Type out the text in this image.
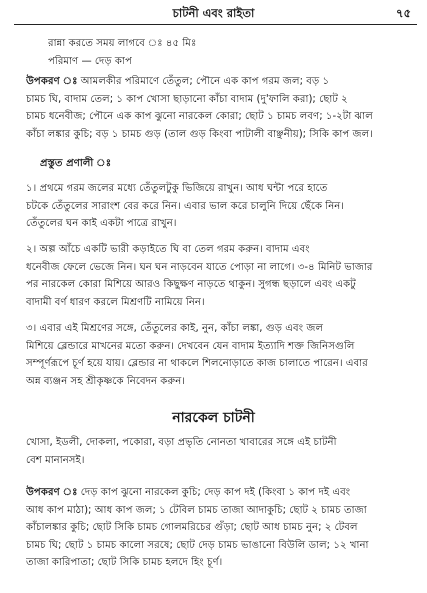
চাটনী এবং রাইতা	৭৫
রান্না করতে সময় লাগবে ঃ ৪৫ মিঃ
পরিমাণ — দেড় কাপ
উপকরণ ঃ আমলকীর পরিমাণে তেঁতুল; পৌনে এক কাপ গরম জল; বড় ১
চামচ ঘি, বাদাম তেল; ১ কাপ খোসা ছাড়ানো কাঁচা বাদাম (দু'ফালি করা); ছোট ২
চামচ ধনেবীজ; পৌনে এক কাপ ঝুনো নারকেল কোরা; ছোট ১ চামচ লবণ; ১-২টা ঝাল
কাঁচা লঙ্কার কুচি; বড় ১ চামচ গুড় (তাল গুড় কিংবা পাটালী বাঞ্ছনীয়); সিকি কাপ জল।
প্রস্তুত প্রণালী ঃ
১। প্রথমে গরম জলের মধ্যে তেঁতুলটুকু ভিজিয়ে রাখুন। আধ ঘন্টা পরে হাতে
চটকে তেঁতুলের সারাংশ বের করে নিন। এবার ভাল করে চালুনি দিয়ে ছেঁকে নিন।
তেঁতুলের ঘন কাই একটা পাত্রে রাখুন।
২। অল্প আঁচে একটি ভারী কড়াইতে ঘি বা তেল গরম করুন। বাদাম এবং
ধনেবীজ ফেলে ভেজে নিন। ঘন ঘন নাড়বেন যাতে পোড়া না লাগে। ৩-৪ মিনিট ভাজার
পর নারকেল কোরা মিশিয়ে আরও কিছুক্ষণ নাড়তে থাকুন। সুগন্ধ ছড়ালে এবং একটু
বাদামী বর্ণ ধারণ করলে মিশ্রণটি নামিয়ে নিন।
৩। এবার এই মিশ্রণের সঙ্গে, তেঁতুলের কাই, নুন, কাঁচা লঙ্কা, গুড় এবং জল
মিশিয়ে ব্লেন্ডারে মাখনের মতো করুন। দেখবেন যেন বাদাম ইত্যাদি শক্ত জিনিসগুলি
সম্পূর্ণরূপে চূর্ণ হয়ে যায়। ব্লেন্ডার না থাকলে শিলনোড়াতে কাজ চালাতে পারেন। এবার
অন্ন ব্যঞ্জন সহ শ্রীকৃষ্ণকে নিবেদন করুন।
নারকেল চাটনী
খোসা, ইডলী, দোকলা, পকোরা, বড়া প্রভৃতি নোনতা খাবারের সঙ্গে এই চাটনী
বেশ মানানসই।
উপকরণ ঃ দেড় কাপ ঝুনো নারকেল কুচি; দেড় কাপ দই (কিংবা ১ কাপ দই এবং
আধ কাপ মাঠা); আধ কাপ জল; ১ টেবিল চামচ তাজা আদাকুচি; ছোট ২ চামচ তাজা
কাঁচালঙ্কার কুচি; ছোট সিকি চামচ গোলমরিচের গুঁড়া; ছোট আধ চামচ নুন; ২ টেবল
চামচ ঘি; ছোট ১ চামচ কালো সরষে; ছোট দেড় চামচ ভাঙানো বিউলি ডাল; ১২ খানা
তাজা কারিপাতা; ছোট সিকি চামচ হলদে হিং চূর্ণ।
